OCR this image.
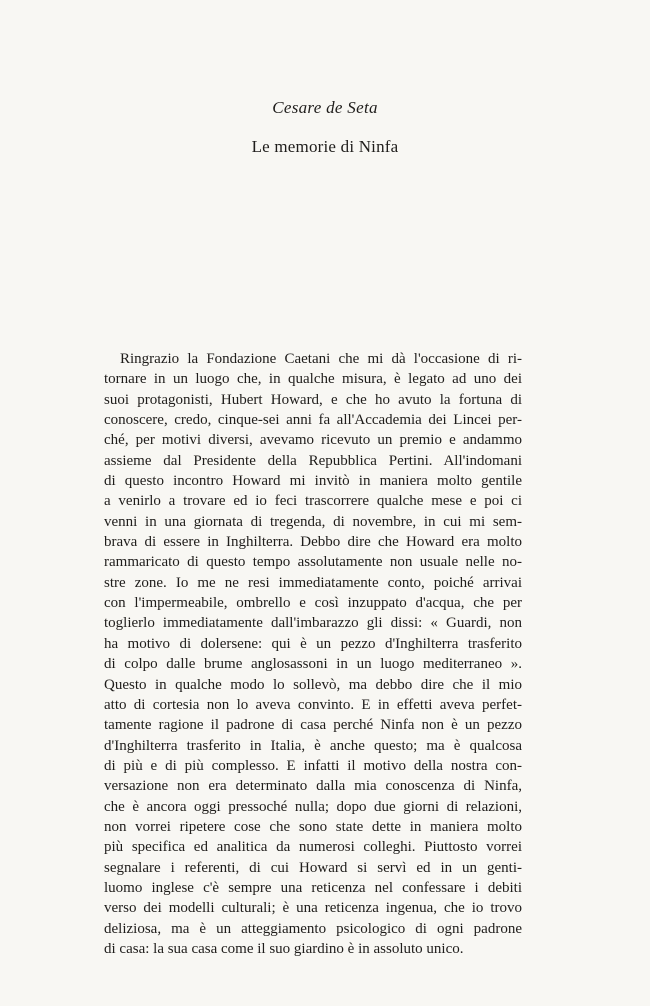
Cesare de Seta
Le memorie di Ninfa
Ringrazio la Fondazione Caetani che mi dà l'occasione di ri-
tornare in un luogo che, in qualche misura, è legato ad uno dei
suoi protagonisti, Hubert Howard, e che ho avuto la fortuna di
conoscere, credo, cinque-sei anni fa all'Accademia dei Lincei per-
ché, per motivi diversi, avevamo ricevuto un premio e andammo
assieme dal Presidente della Repubblica Pertini. All'indomani
di questo incontro Howard mi invitò in maniera molto gentile
a venirlo a trovare ed io feci trascorrere qualche mese e poi ci
venni in una giornata di tregenda, di novembre, in cui mi sem-
brava di essere in Inghilterra. Debbo dire che Howard era molto
rammaricato di questo tempo assolutamente non usuale nelle no-
stre zone. Io me ne resi immediatamente conto, poiché arrivai
con l'impermeabile, ombrello e così inzuppato d'acqua, che per
toglierlo immediatamente dall'imbarazzo gli dissi: « Guardi, non
ha motivo di dolersene: qui è un pezzo d'Inghilterra trasferito
di colpo dalle brume anglosassoni in un luogo mediterraneo ».
Questo in qualche modo lo sollevò, ma debbo dire che il mio
atto di cortesia non lo aveva convinto. E in effetti aveva perfet-
tamente ragione il padrone di casa perché Ninfa non è un pezzo
d'Inghilterra trasferito in Italia, è anche questo; ma è qualcosa
di più e di più complesso. E infatti il motivo della nostra con-
versazione non era determinato dalla mia conoscenza di Ninfa,
che è ancora oggi pressoché nulla; dopo due giorni di relazioni,
non vorrei ripetere cose che sono state dette in maniera molto
più specifica ed analitica da numerosi colleghi. Piuttosto vorrei
segnalare i referenti, di cui Howard si servì ed in un genti-
luomo inglese c'è sempre una reticenza nel confessare i debiti
verso dei modelli culturali; è una reticenza ingenua, che io trovo
deliziosa, ma è un atteggiamento psicologico di ogni padrone
di casa: la sua casa come il suo giardino è in assoluto unico.
